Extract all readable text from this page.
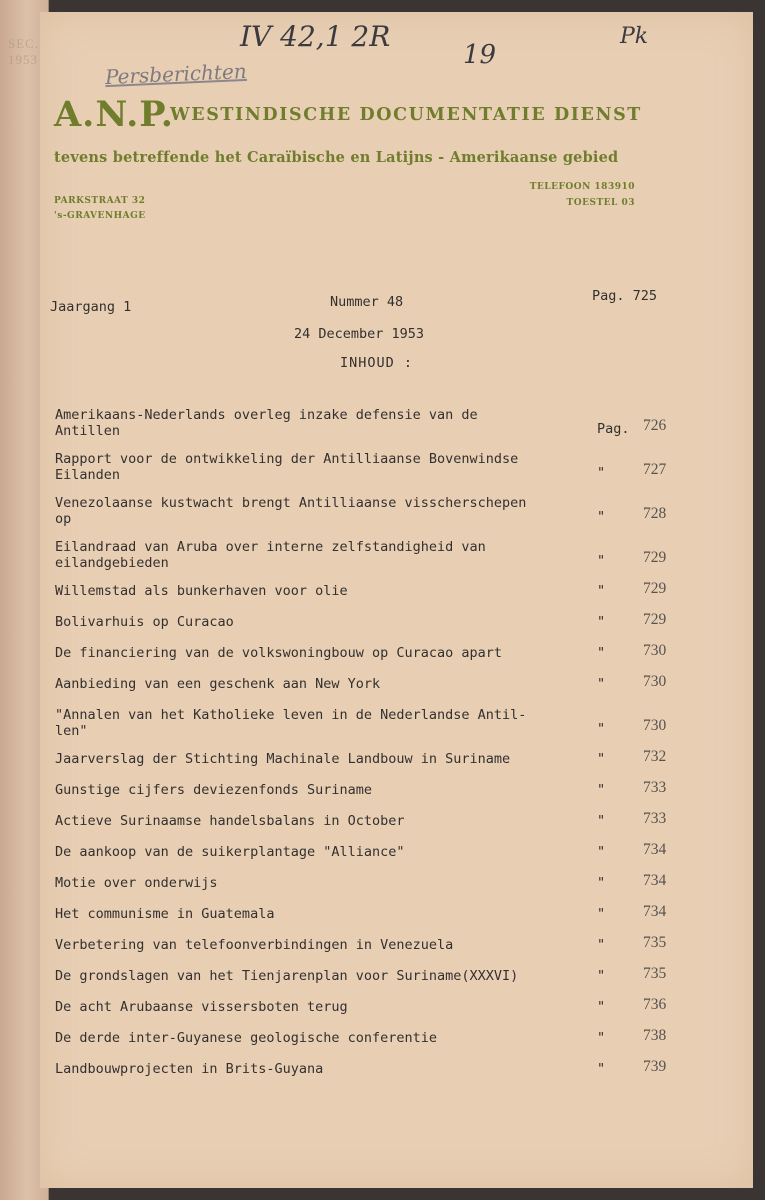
SEC. 1953
IV 42,1 2R
19
Pk
Persberichten
A.N.P.
WESTINDISCHE DOCUMENTATIE DIENST
tevens betreffende het Caraïbische en Latijns - Amerikaanse gebied
PARKSTRAAT 32
's-GRAVENHAGE
TELEFOON 183910
TOESTEL 03
Jaargang 1	Nummer 48	Pag. 725
24 December 1953
INHOUD :
Amerikaans-Nederlands overleg inzake defensie van de
Antillen	Pag. 726
Rapport voor de ontwikkeling der Antilliaanse Bovenwindse
Eilanden	"	727
Venezolaanse kustwacht brengt Antilliaanse visscherschepen
op	"	728
Eilandraad van Aruba over interne zelfstandigheid van
eilandgebieden	"	729
Willemstad als bunkerhaven voor olie	"	729
Bolivarhuis op Curacao	"	729
De financiering van de volkswoningbouw op Curacao apart	"	730
Aanbieding van een geschenk aan New York	"	730
"Annalen van het Katholieke leven in de Nederlandse Antil-
len"	"	730
Jaarverslag der Stichting Machinale Landbouw in Suriname	"	732
Gunstige cijfers deviezenfonds Suriname	"	733
Actieve Surinaamse handelsbalans in October	"	733
De aankoop van de suikerplantage "Alliance"	"	734
Motie over onderwijs	"	734
Het communisme in Guatemala	"	734
Verbetering van telefoonverbindingen in Venezuela	"	735
De grondslagen van het Tienjarenplan voor Suriname(XXXVI)	"	735
De acht Arubaanse vissersboten terug	"	736
De derde inter-Guyanese geologische conferentie	"	738
Landbouwprojecten in Brits-Guyana	"	739
